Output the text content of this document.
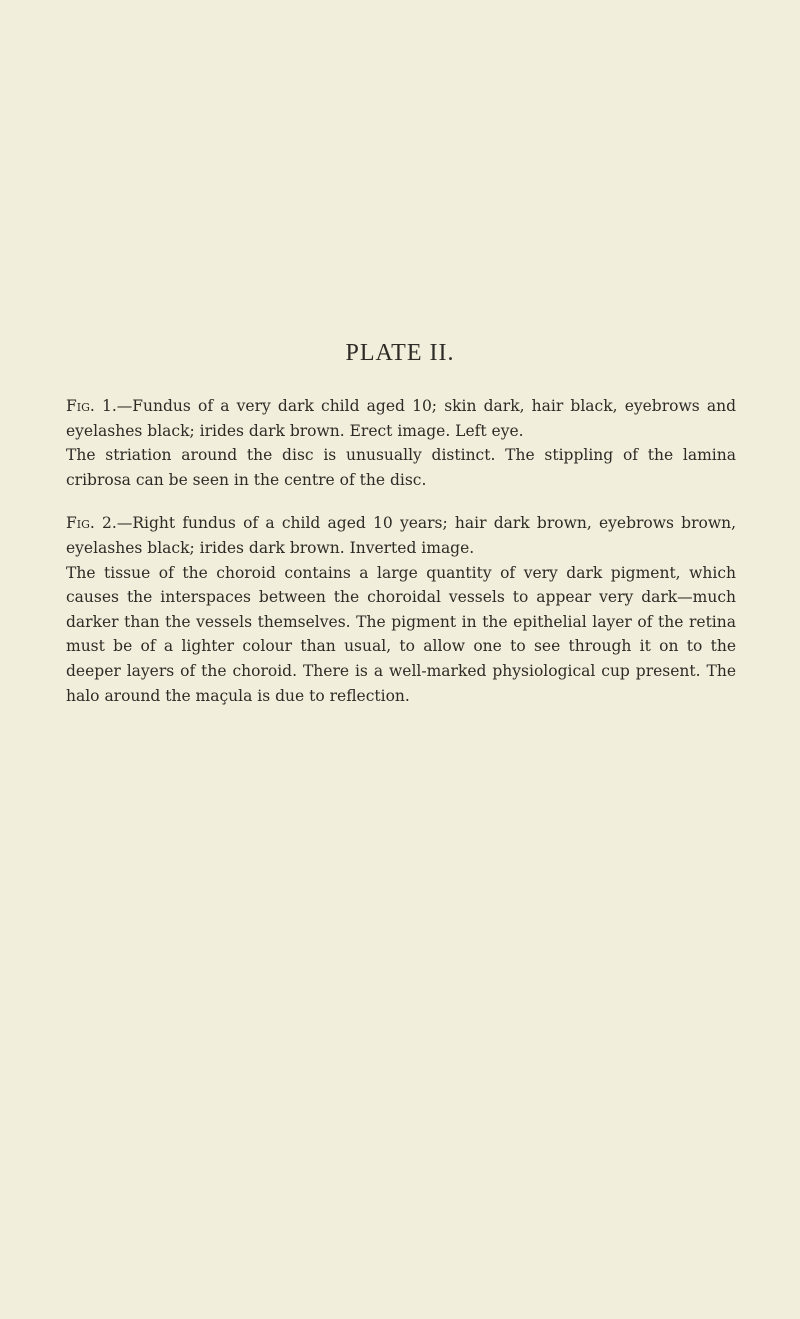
PLATE II.

Fig. 1.—Fundus of a very dark child aged 10; skin dark, hair black, eyebrows and eyelashes black; irides dark brown. Erect image. Left eye.

The striation around the disc is unusually distinct. The stippling of the lamina cribrosa can be seen in the centre of the disc.

Fig. 2.—Right fundus of a child aged 10 years; hair dark brown, eyebrows brown, eyelashes black; irides dark brown. Inverted image.

The tissue of the choroid contains a large quantity of very dark pigment, which causes the interspaces between the choroidal vessels to appear very dark—much darker than the vessels themselves. The pigment in the epithelial layer of the retina must be of a lighter colour than usual, to allow one to see through it on to the deeper layers of the choroid. There is a well-marked physiological cup present. The halo around the maçula is due to reflection.
